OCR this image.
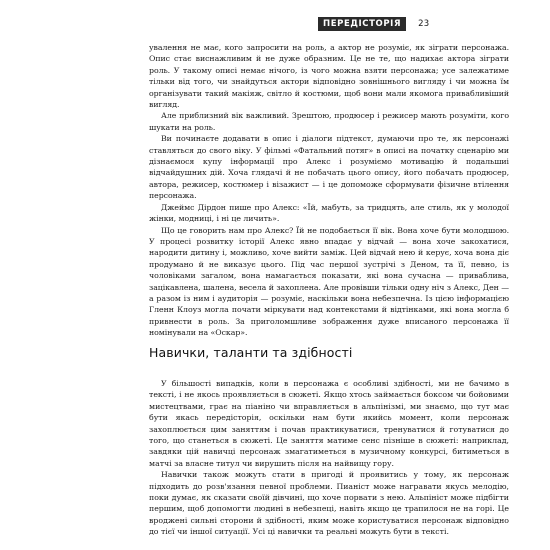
ПЕРЕДІСТОРІЯ	23

увалення не має, кого запросити на роль, а актор не розуміє, як зіграти персонажа. Опис стає виснажливим й не дуже образним. Це не те, що надихає актора зіграти роль. У такому описі немає нічого, із чого можна взяти персонажа; усе залежатиме тільки від того, чи знайдуться актори відповідно зовнішнього виглядy і чи можна їм організувати такий макіяж, світло й костюми, щоб вони мали якомога привабливіший вигляд.

Але приблизний вік важливий. Зрештою, продюсер і режисер мають розуміти, кого шукати на роль.

Ви починаєте додавати в опис і діалоги підтекст, думаючи про те, як персонажі ставляться до свого віку. У фільмі «Фатальний потяг» в описі на початку сценарію ми дізнаємося купу інформації про Алекс і розуміємо мотивацію й подальшиі відчайдушних дій. Хоча глядачі й не побачать цього опису, його побачать продюсер, автора, режисер, костюмер і візажист — і це допоможе сформувати фізичне втілення персонажа.

Джеймс Дірдон пише про Алекс: «Їй, мабуть, за тридцять, але стиль, як у молодої жінки, модниці, і ні це личить».

Що це говорить нам про Алекс? Їй не подобається її вік. Вона хоче бути молодшою. У процесі розвитку історії Алекс явно впадає у відчай — вона хоче закохатися, народити дитину і, можливо, хоче вийти заміж. Цей відчай нею й керує, хоча вона діє продумано й не виказує цього. Під час першої зустрічі з Деном, та її, певно, із чоловіками загалом, вона намагається показати, які вона сучасна — приваблива, зацікавлена, шалена, весела й захоплена. Але провівши тільки одну ніч з Алекс, Ден — а разом із ним і аудиторія — розуміє, наскільки вона небезпечна. Із цією інформацією Гленн Клоуз могла почати міркувати над контекстами й відтінками, які вона могла б привнести в роль. За приголомшливе зображення дуже вписаного персонажа її номінували на «Оскар».

Навички, таланти та здібності

У більшості випадків, коли в персонажа є особливі здібності, ми не бачимо в тексті, і не якось проявляється в сюжеті. Якщо хтось займається боксом чи бойовими мистецтвами, грає на піаніно чи вправляється в альпінізмі, ми знаємо, що тут має бути якась передісторія, оскільки нам бути якийсь момент, коли персонаж захоплюється цим заняттям і почав практикуватися, тренуватися й готуватися до того, що станеться в сюжеті. Це заняття матиме сенс пізніше в сюжеті: наприклад, завдяки цій навичці персонаж змагатиметься в музичному конкурсі, битиметься в матчі за власне титул чи вирушить після на найвищу гору.

Навички також можуть стати в пригоді й проявитись у тому, як персонаж підходить до розв'язання певної проблеми. Пианіст може награвати якусь мелодію, поки думає, як сказати своїй дівчині, що хоче порвати з нею. Альпініст може підбігти першим, щоб допомогти людині в небезпеці, навіть якщо це трапилося не на горі. Це вроджені сильні сторони й здібності, яким може користуватися персонаж відповідно до тієї чи іншої ситуації. Усі ці навички та реальні можуть бути в тексті.
